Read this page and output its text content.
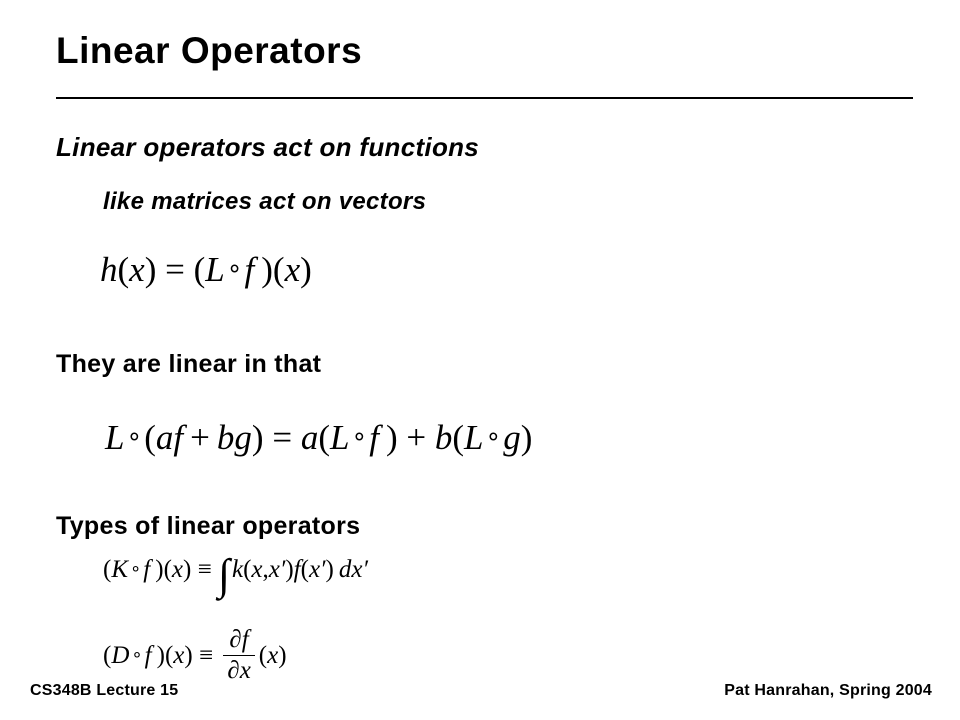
Linear Operators
Linear operators act on functions
like matrices act on vectors
h(x) = (L∘f  )(x)
They are linear in that
L∘(af  +  bg) = a(L∘f  ) + b(L∘g)
Types of linear operators
(K ∘f  )(x) ≡ ∫k(x,x′)f(x′)  dx′
(D ∘f  )$(x) \equiv \frac{\partial f}{\partial x} (x)$
CS348B Lecture 15	Pat Hanrahan, Spring 2004
